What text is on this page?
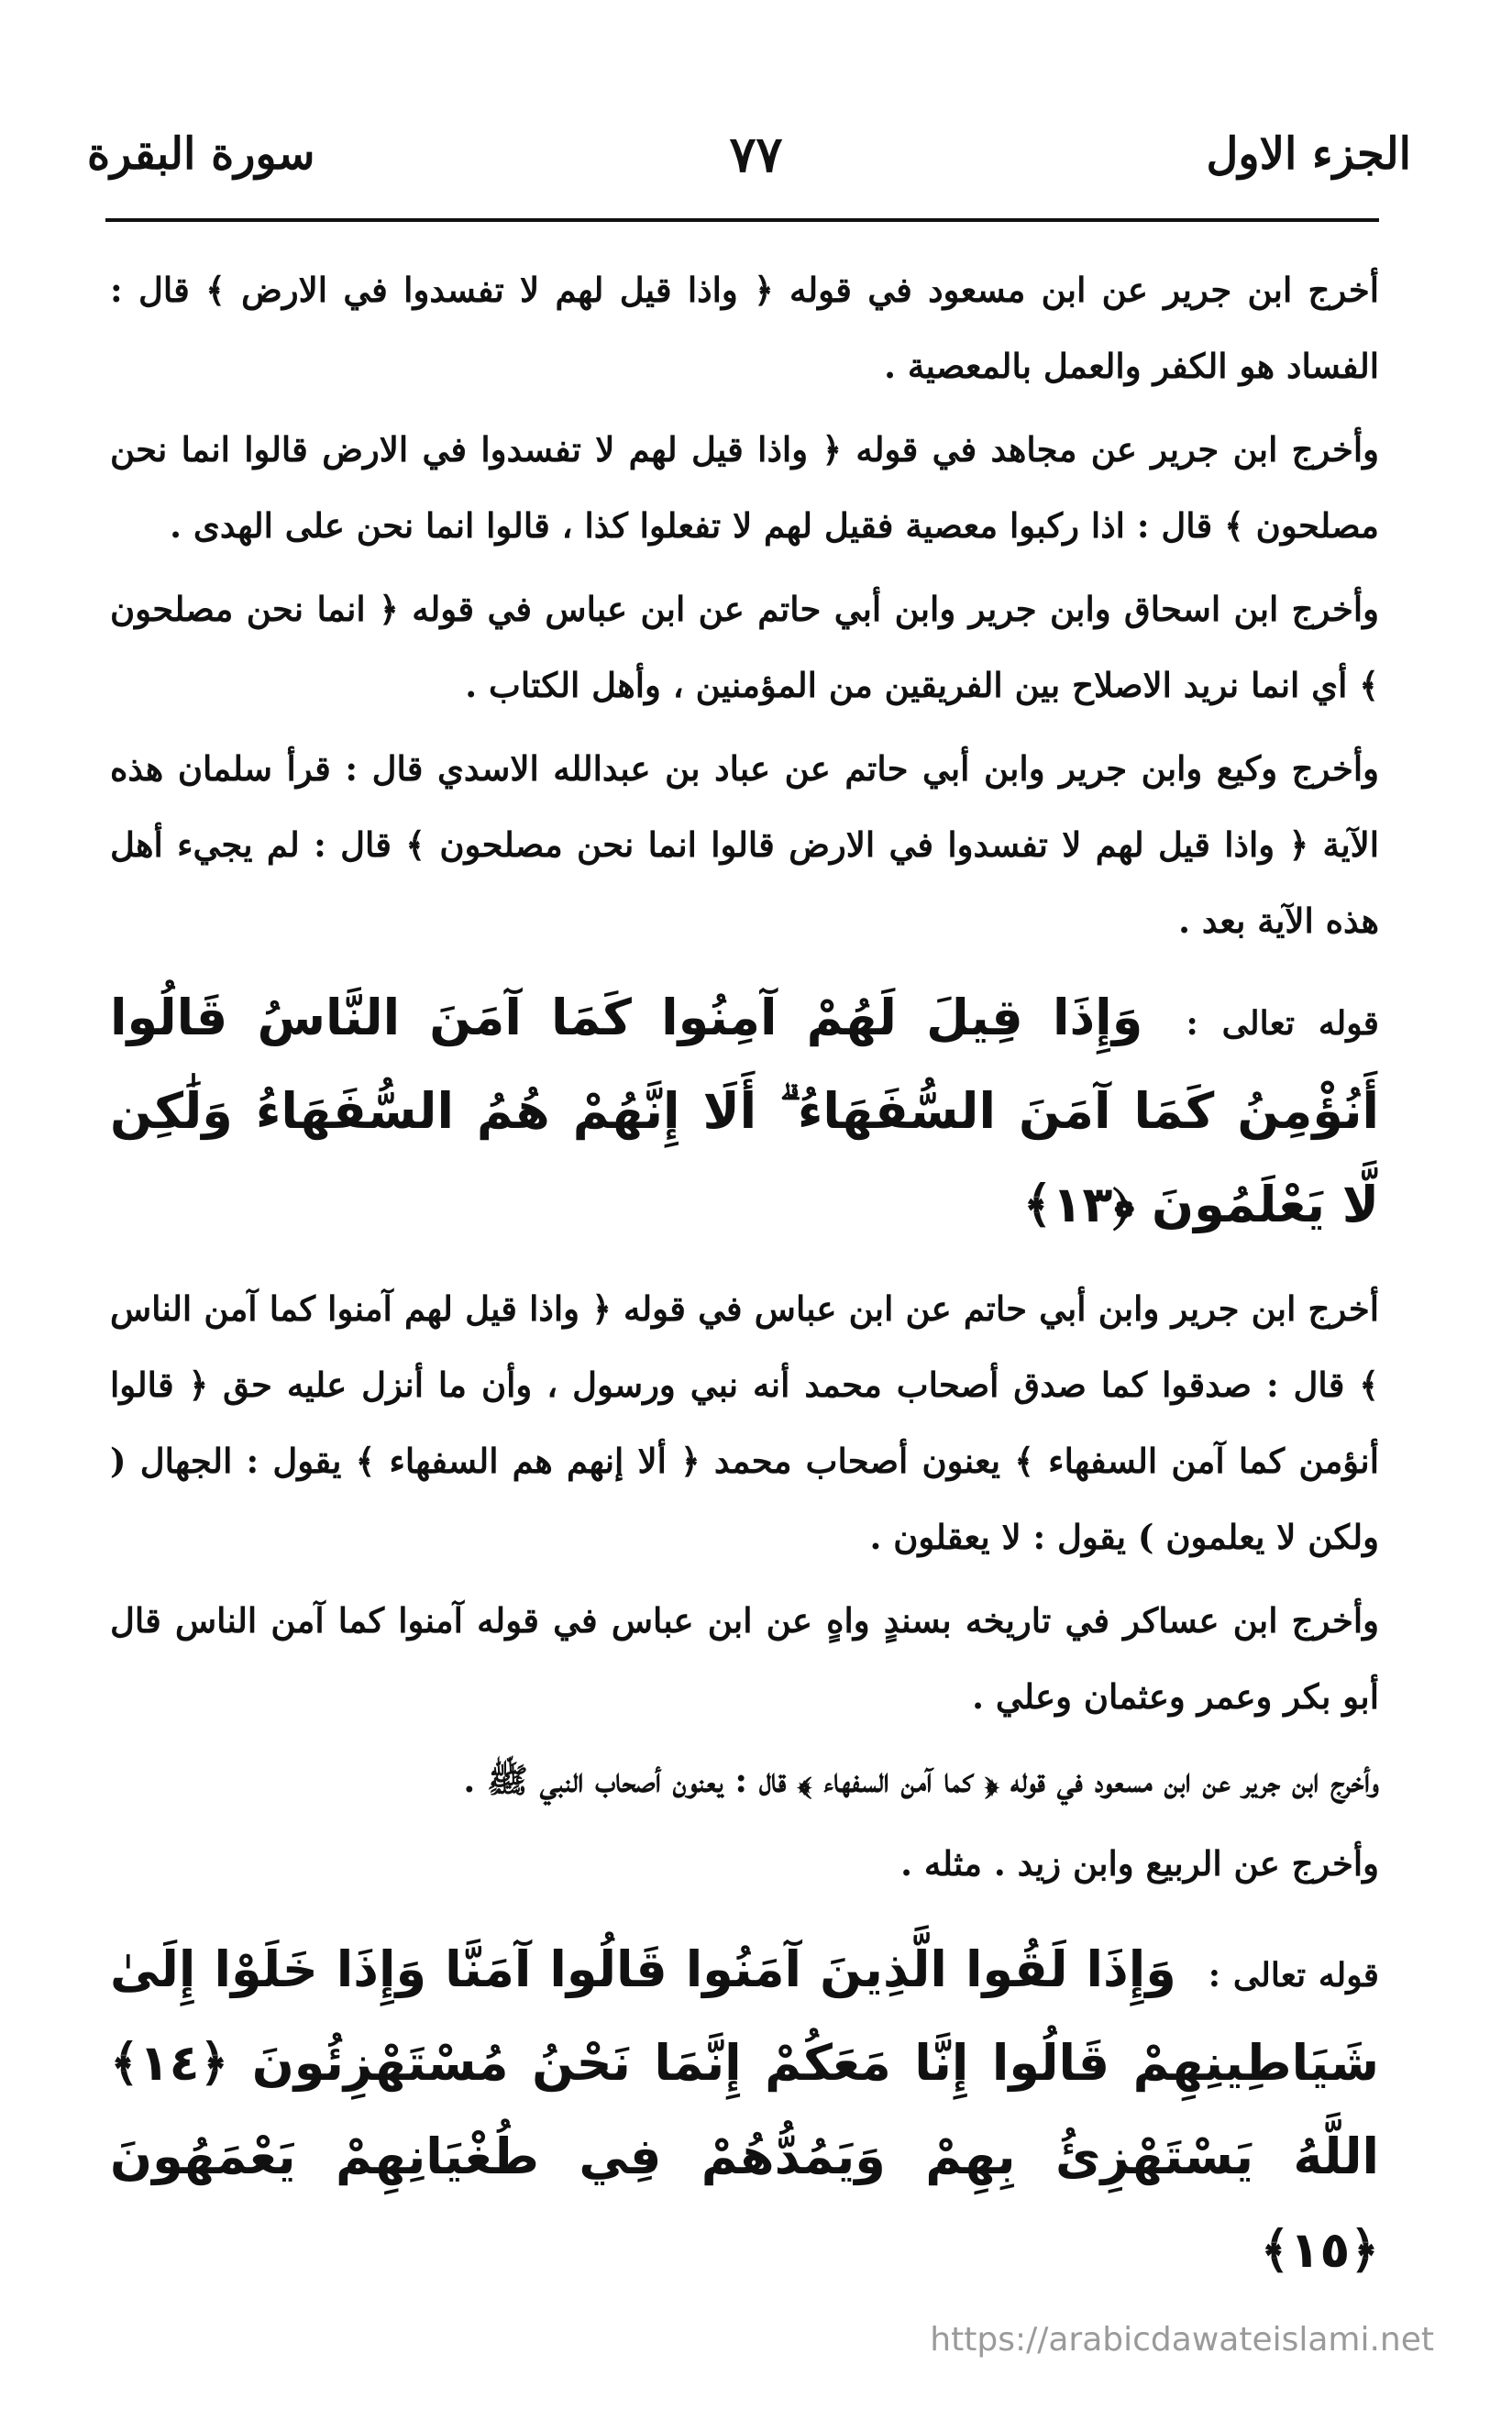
الجزء الاول
٧٧
سورة البقرة

أخرج ابن جرير عن ابن مسعود في قوله ﴿ واذا قيل لهم لا تفسدوا في الارض ﴾ قال : الفساد هو الكفر والعمل بالمعصية .

وأخرج ابن جرير عن مجاهد في قوله ﴿ واذا قيل لهم لا تفسدوا في الارض قالوا انما نحن مصلحون ﴾ قال : اذا ركبوا معصية فقيل لهم لا تفعلوا كذا ، قالوا انما نحن على الهدى .

وأخرج ابن اسحاق وابن جرير وابن أبي حاتم عن ابن عباس في قوله ﴿ انما نحن مصلحون ﴾ أي انما نريد الاصلاح بين الفريقين من المؤمنين ، وأهل الكتاب .

وأخرج وكيع وابن جرير وابن أبي حاتم عن عباد بن عبدالله الاسدي قال : قرأ سلمان هذه الآية ﴿ واذا قيل لهم لا تفسدوا في الارض قالوا انما نحن مصلحون ﴾ قال : لم يجيء أهل هذه الآية بعد .

قوله تعالى : وَإِذَا قِيلَ لَهُمْ آمِنُوا كَمَا آمَنَ النَّاسُ قَالُوا أَنُؤْمِنُ كَمَا آمَنَ السُّفَهَاءُ ۗ أَلَا إِنَّهُمْ هُمُ السُّفَهَاءُ وَلَٰكِن لَّا يَعْلَمُونَ ﴿١٣﴾

أخرج ابن جرير وابن أبي حاتم عن ابن عباس في قوله ﴿ واذا قيل لهم آمنوا كما آمن الناس ﴾ قال : صدقوا كما صدق أصحاب محمد أنه نبي ورسول ، وأن ما أنزل عليه حق ﴿ قالوا أنؤمن كما آمن السفهاء ﴾ يعنون أصحاب محمد ﴿ ألا إنهم هم السفهاء ﴾ يقول : الجهال ( ولكن لا يعلمون ) يقول : لا يعقلون .

وأخرج ابن عساكر في تاريخه بسندٍ واهٍ عن ابن عباس في قوله آمنوا كما آمن الناس قال أبو بكر وعمر وعثمان وعلي .

وأخرج ابن جرير عن ابن مسعود في قوله ﴿ كما آمن السفهاء ﴾ قال : يعنون أصحاب النبي ﷺ .

وأخرج عن الربيع وابن زيد . مثله .

قوله تعالى : وَإِذَا لَقُوا الَّذِينَ آمَنُوا قَالُوا آمَنَّا وَإِذَا خَلَوْا إِلَىٰ شَيَاطِينِهِمْ قَالُوا إِنَّا مَعَكُمْ إِنَّمَا نَحْنُ مُسْتَهْزِئُونَ ﴿١٤﴾ اللَّهُ يَسْتَهْزِئُ بِهِمْ وَيَمُدُّهُمْ فِي طُغْيَانِهِمْ يَعْمَهُونَ ﴿١٥﴾
https://arabicdawateislami.net
